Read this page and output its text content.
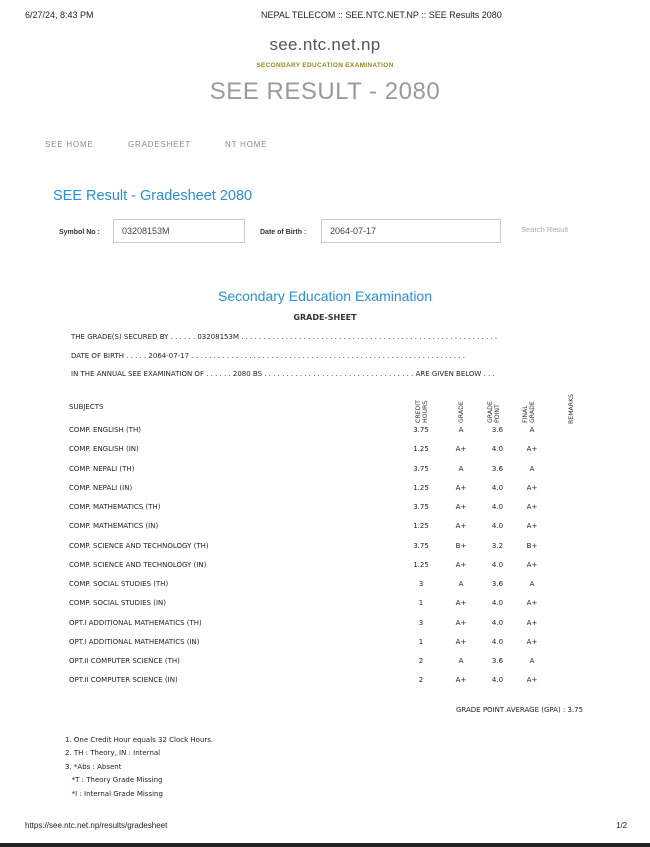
6/27/24, 8:43 PM	NEPAL TELECOM :: SEE.NTC.NET.NP :: SEE Results 2080
see.ntc.net.np
SECONDARY EDUCATION EXAMINATION
SEE RESULT - 2080
SEE HOME	GRADESHEET	NT HOME
SEE Result - Gradesheet 2080
Symbol No :
03208153M	Date of Birth :
2064-07-17	Search Result
Secondary Education Examination
GRADE-SHEET
THE GRADE(S) SECURED BY . . . . . . 03208153M . . . . . . . . . . . . . . . . . . . . . . . . . . . . . . . . . . . . . . . . . . . . . . . . . . . . . . . . . .
DATE OF BIRTH . . . . . 2064-07-17 . . . . . . . . . . . . . . . . . . . . . . . . . . . . . . . . . . . . . . . . . . . . . . . . . . . . . . . . . . . . . .
IN THE ANNUAL SEE EXAMINATION OF . . . . . . 2080 BS . . . . . . . . . . . . . . . . . . . . . . . . . . . . . . . . . . ARE GIVEN BELOW . . .
SUBJECTS	CREDIT HOURS	GRADE	GRADE POINT	FINAL GRADE	REMARKS
COMP. ENGLISH (TH)	3.75	A	3.6	A
COMP. ENGLISH (IN)	1.25	A+	4.0	A+
COMP. NEPALI (TH)	3.75	A	3.6	A
COMP. NEPALI (IN)	1.25	A+	4.0	A+
COMP. MATHEMATICS (TH)	3.75	A+	4.0	A+
COMP. MATHEMATICS (IN)	1.25	A+	4.0	A+
COMP. SCIENCE AND TECHNOLOGY (TH)	3.75	B+	3.2	B+
COMP. SCIENCE AND TECHNOLOGY (IN)	1.25	A+	4.0	A+
COMP. SOCIAL STUDIES (TH)	3	A	3.6	A
COMP. SOCIAL STUDIES (IN)	1	A+	4.0	A+
OPT.I ADDITIONAL MATHEMATICS (TH)	3	A+	4.0	A+
OPT.I ADDITIONAL MATHEMATICS (IN)	1	A+	4.0	A+
OPT.II COMPUTER SCIENCE (TH)	2	A	3.6	A
OPT.II COMPUTER SCIENCE (IN)	2	A+	4.0	A+
GRADE POINT AVERAGE (GPA) : 3.75
1. One Credit Hour equals 32 Clock Hours.
2. TH : Theory, IN : Internal
3. *Abs : Absent
*T : Theory Grade Missing
*I : Internal Grade Missing
https://see.ntc.net.np/results/gradesheet	1/2
